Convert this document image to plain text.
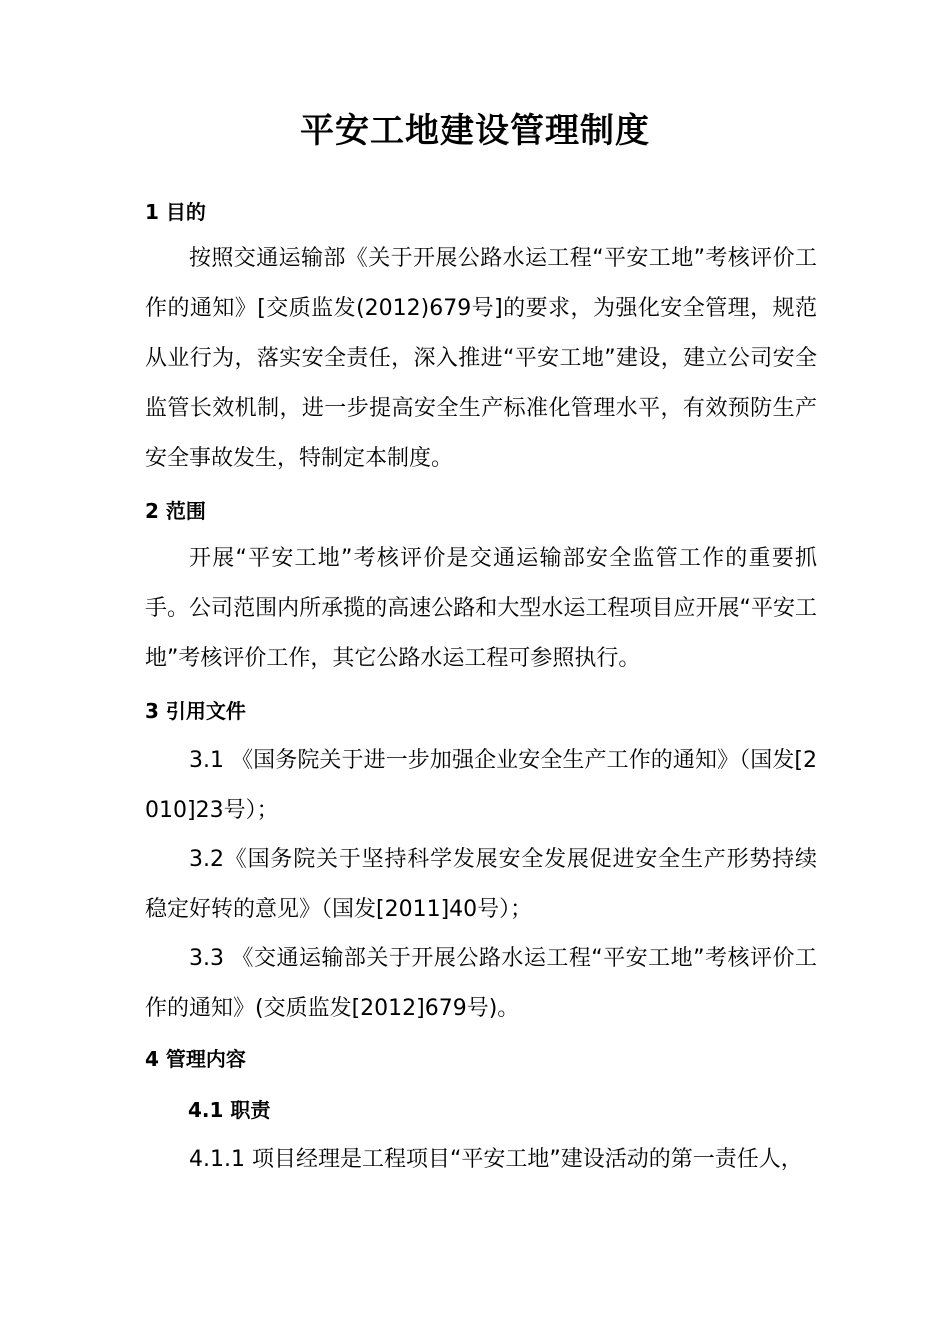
平安工地建设管理制度
1 目的
按照交通运输部《关于开展公路水运工程“平安工地”考核评价工作的通知》[交质监发(2012)679号]的要求，为强化安全管理，规范从业行为，落实安全责任，深入推进“平安工地”建设，建立公司安全监管长效机制，进一步提高安全生产标准化管理水平，有效预防生产安全事故发生，特制定本制度。
2 范围
开展“平安工地”考核评价是交通运输部安全监管工作的重要抓手。公司范围内所承揽的高速公路和大型水运工程项目应开展“平安工地”考核评价工作，其它公路水运工程可参照执行。
3 引用文件
3.1 《国务院关于进一步加强企业安全生产工作的通知》（国发[2010]23号）；
3.2《国务院关于坚持科学发展安全发展促进安全生产形势持续稳定好转的意见》（国发[2011]40号）；
3.3 《交通运输部关于开展公路水运工程“平安工地”考核评价工作的通知》(交质监发[2012]679号)。
4 管理内容
4.1 职责
4.1.1 项目经理是工程项目“平安工地”建设活动的第一责任人，
